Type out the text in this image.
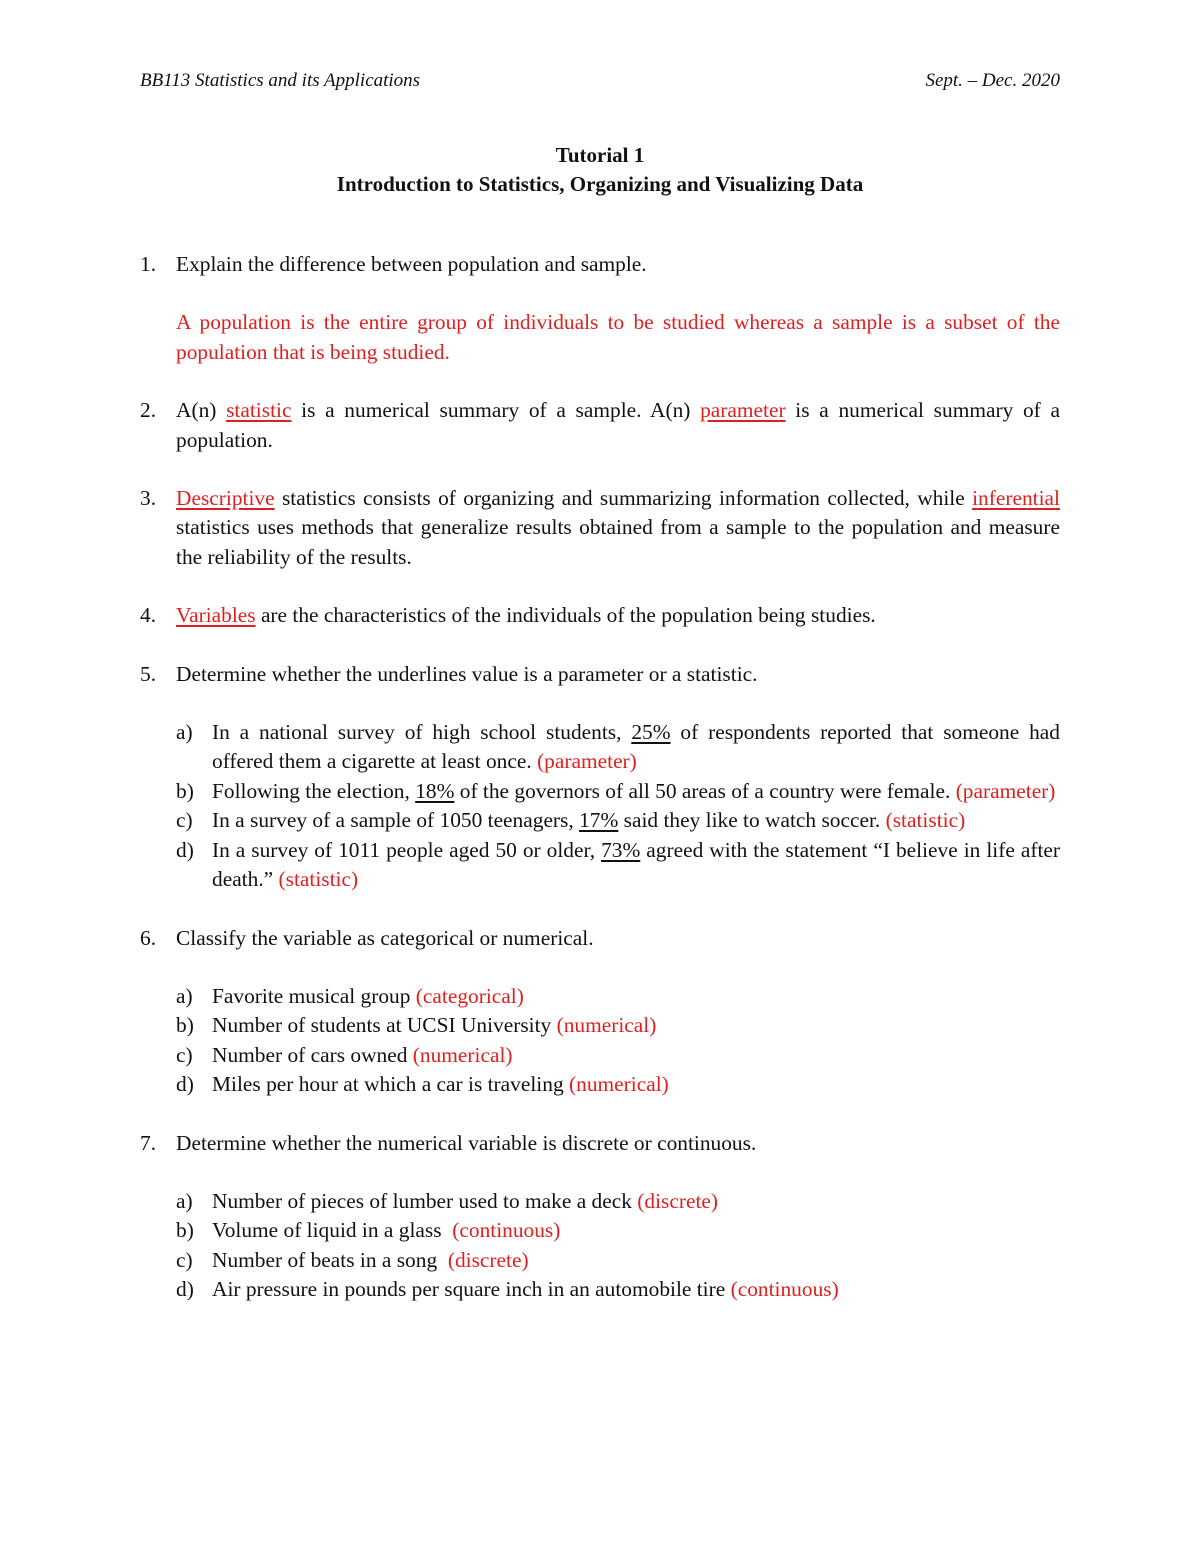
BB113 Statistics and its Applications	Sept. – Dec. 2020
Tutorial 1
Introduction to Statistics, Organizing and Visualizing Data
1. Explain the difference between population and sample.
A population is the entire group of individuals to be studied whereas a sample is a subset of the population that is being studied.
2. A(n) statistic is a numerical summary of a sample. A(n) parameter is a numerical summary of a population.
3. Descriptive statistics consists of organizing and summarizing information collected, while inferential statistics uses methods that generalize results obtained from a sample to the population and measure the reliability of the results.
4. Variables are the characteristics of the individuals of the population being studies.
5. Determine whether the underlines value is a parameter or a statistic.
a) In a national survey of high school students, 25% of respondents reported that someone had offered them a cigarette at least once. (parameter)
b) Following the election, 18% of the governors of all 50 areas of a country were female. (parameter)
c) In a survey of a sample of 1050 teenagers, 17% said they like to watch soccer. (statistic)
d) In a survey of 1011 people aged 50 or older, 73% agreed with the statement “I believe in life after death.” (statistic)
6. Classify the variable as categorical or numerical.
a) Favorite musical group (categorical)
b) Number of students at UCSI University (numerical)
c) Number of cars owned (numerical)
d) Miles per hour at which a car is traveling (numerical)
7. Determine whether the numerical variable is discrete or continuous.
a) Number of pieces of lumber used to make a deck (discrete)
b) Volume of liquid in a glass  (continuous)
c) Number of beats in a song  (discrete)
d) Air pressure in pounds per square inch in an automobile tire (continuous)
